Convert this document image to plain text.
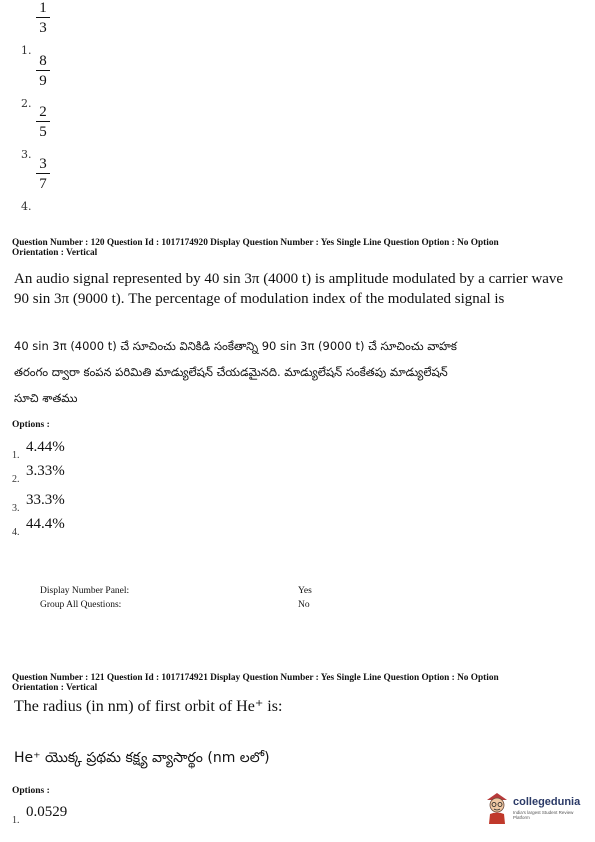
1.
1
3
2.
8
9
3.
2
5
4.
3
7
Question Number : 120 Question Id : 1017174920 Display Question Number : Yes Single Line Question Option : No Option
Orientation : Vertical
An audio signal represented by 40 sin 3π (4000 t) is amplitude modulated by a carrier wave
90 sin 3π (9000 t). The percentage of modulation index of the modulated signal is
40 sin 3π (4000 t) చే సూచించు వినికిడి సంకేతాన్ని 90 sin 3π (9000 t) చే సూచించు వాహక
తరంగం ద్వారా కంపన పరిమితి మాడ్యులేషన్ చేయడమైనది. మాడ్యులేషన్ సంకేతపు మాడ్యులేషన్
సూచి శాతము
Options :
1.
4.44%
2.
3.33%
3.
33.3%
4.
44.4%
Display Number Panel:	Yes
Group All Questions:	No
Question Number : 121 Question Id : 1017174921 Display Question Number : Yes Single Line Question Option : No Option
Orientation : Vertical
The radius (in nm) of first orbit of He⁺ is:
He⁺ యొక్క ప్రథమ కక్ష్య వ్యాసార్థం (nm లలో)
Options :
1.
0.0529
collegedunia
India's largest Student Review Platform
